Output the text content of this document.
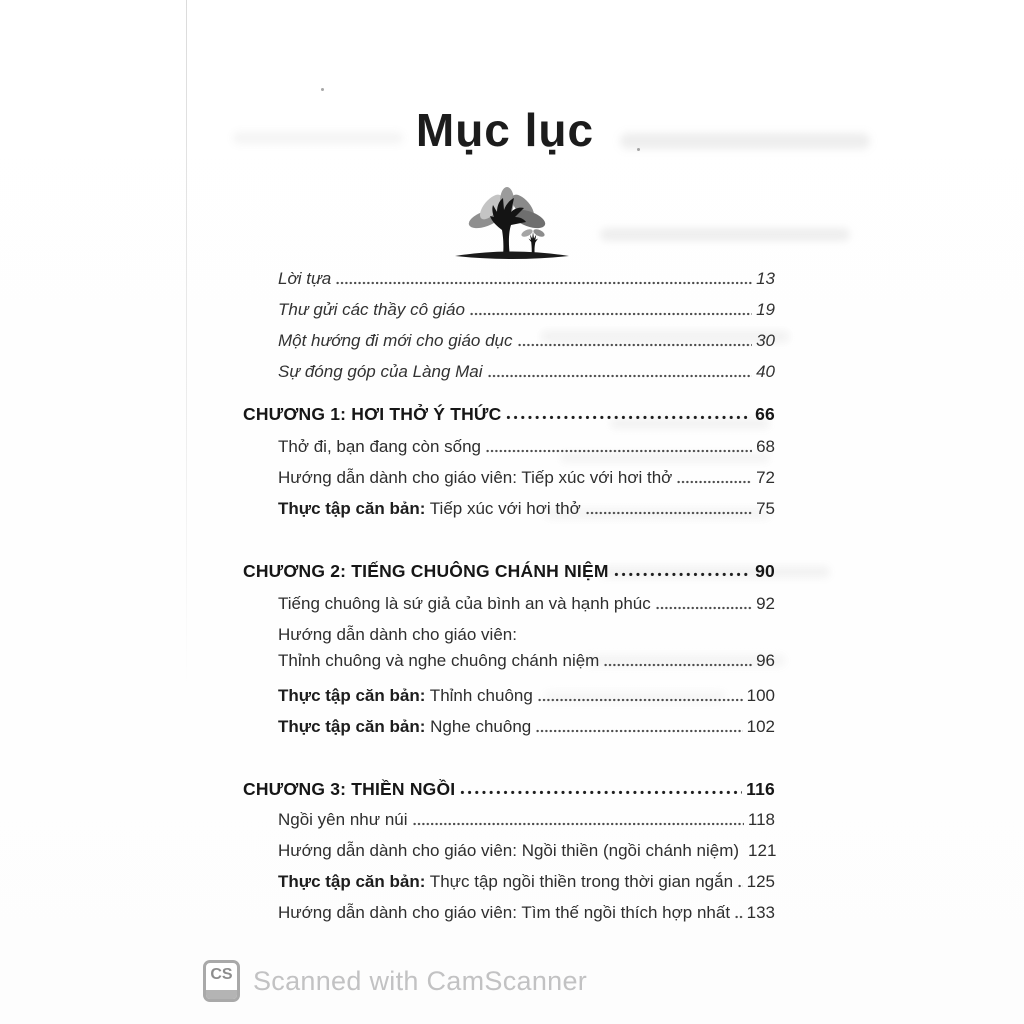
Mục lục
Lời tựa	13
Thư gửi các thầy cô giáo	19
Một hướng đi mới cho giáo dục	30
Sự đóng góp của Làng Mai	40
CHƯƠNG 1: HƠI THỞ Ý THỨC	66
Thở đi, bạn đang còn sống	68
Hướng dẫn dành cho giáo viên: Tiếp xúc với hơi thở	72
Thực tập căn bản: Tiếp xúc với hơi thở	75
CHƯƠNG 2: TIẾNG CHUÔNG CHÁNH NIỆM	90
Tiếng chuông là sứ giả của bình an và hạnh phúc	92
Hướng dẫn dành cho giáo viên:
Thỉnh chuông và nghe chuông chánh niệm	96
Thực tập căn bản: Thỉnh chuông	100
Thực tập căn bản: Nghe chuông	102
CHƯƠNG 3: THIỀN NGỒI	116
Ngồi yên như núi	118
Hướng dẫn dành cho giáo viên: Ngồi thiền (ngồi chánh niệm) 121
Thực tập căn bản: Thực tập ngồi thiền trong thời gian ngắn 125
Hướng dẫn dành cho giáo viên: Tìm thế ngồi thích hợp nhất 133
CS Scanned with CamScanner
